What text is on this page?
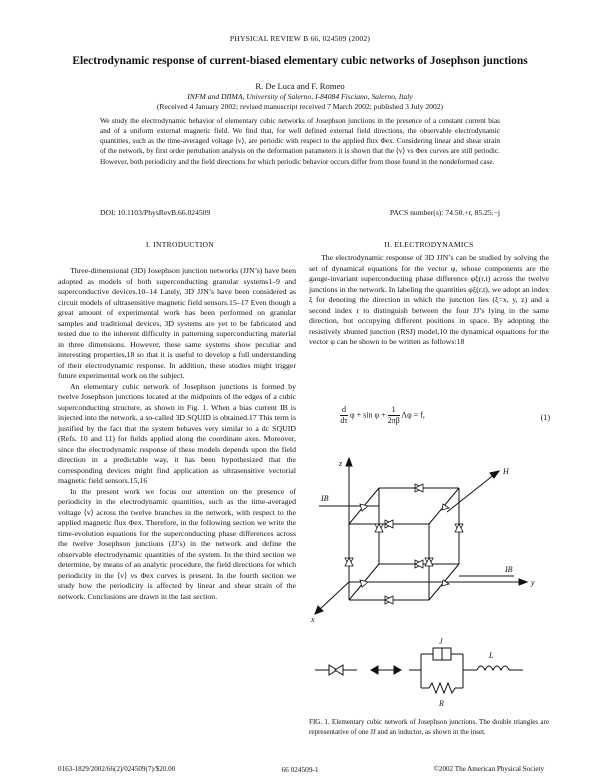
PHYSICAL REVIEW B 66, 024509 (2002)
Electrodynamic response of current-biased elementary cubic networks of Josephson junctions
R. De Luca and F. Romeo
INFM and DIIMA, University of Salerno, I-84084 Fisciano, Salerno, Italy
(Received 4 January 2002; revised manuscript received 7 March 2002; published 3 July 2002)
We study the electrodynamic behavior of elementary cubic networks of Josephson junctions in the presence of a constant current bias and of a uniform external magnetic field. We find that, for well defined external field directions, the observable electrodynamic quantities, such as the time-averaged voltage ⟨v⟩, are periodic with respect to the applied flux Φex. Considering linear and shear strain of the network, by first order pertubation analysis on the deformation parameters it is shown that the ⟨v⟩ vs Φex curves are still periodic. However, both periodicity and the field directions for which periodic behavior occurs differ from those found in the nondeformed case.
DOI: 10.1103/PhysRevB.66.024509	PACS number(s): 74.50.+r, 85.25.−j
I. INTRODUCTION	II. ELECTRODYNAMICS

Three-dimensional (3D) Josephson junction networks (JJN’s) have been adopted as models of both superconducting granular systems1–9 and superconductive devices.10–14 Lately, 3D JJN’s have been considered as circuit models of ultrasensitive magnetic field sensors.15–17 Even though a great amount of experimental work has been performed on granular samples and traditional devices, 3D systems are yet to be fabricated and tested due to the inherent difficulty in patterning superconducting material in three dimensions. However, these same systems show peculiar and interesting properties,18 so that it is useful to develop a full understanding of their electrodynamic response. In addition, these studies might trigger future experimental work on the subject.

An elementary cubic network of Josephson junctions is formed by twelve Josephson junctions located at the midpoints of the edges of a cubic superconducting structure, as shown in Fig. 1. When a bias current IB is injected into the network, a so-called 3D SQUID is obtained.17 This term is justified by the fact that the system behaves very similar to a dc SQUID (Refs. 10 and 11) for fields applied along the coordinate axes. Moreover, since the electrodynamic response of these models depends upon the field direction in a predictable way, it has been hypothesized that the corresponding devices might find application as ultrasensitive vectorial magnetic field sensors.15,16

In the present work we focus our attention on the presence of periodicity in the electrodynamic quantities, such as the time-averaged voltage ⟨v⟩ across the twelve branches in the network, with respect to the applied magnetic flux Φex. Therefore, in the following section we write the time-evolution equations for the superconducting phase differences across the twelve Josephson junctions (JJ’s) in the network and define the observable electrodynamic quantities of the system. In the third section we determine, by means of an analytic procedure, the field directions for which periodicity in the ⟨v⟩ vs Φex curves is present. In the fourth section we study how the periodicity is affected by linear and shear strain of the network. Conclusions are drawn in the last section.

The electrodynamic response of 3D JJN’s can be studied by solving the set of dynamical equations for the vector φ, whose components are the gauge-invariant superconducting phase difference φξ(r,t) across the twelve junctions in the network. In labeling the quantities φξ(r,t), we adopt an index ξ for denoting the direction in which the junction lies (ξ=x, y, z) and a second index r to distinguish between the four JJ’s lying in the same direction, but occupying different positions in space. By adopting the resistively shunted junction (RSJ) model,10 the dynamical equations for the vector φ can be shown to be written as follows:18

$\frac{d}{d\tau}$ $\varphi + \sin \varphi + \frac{1}{2\pi\beta}$ Λφ = f,	(1)
z
H
IB
IB
y
x
J
L
R
FIG. 1. Elementary cubic network of Josephson junctions. The double triangles are representative of one JJ and an inductor, as shown in the inset.
0163-1829/2002/66(2)/024509(7)/$20.00	66 024509-1	©2002 The American Physical Society
